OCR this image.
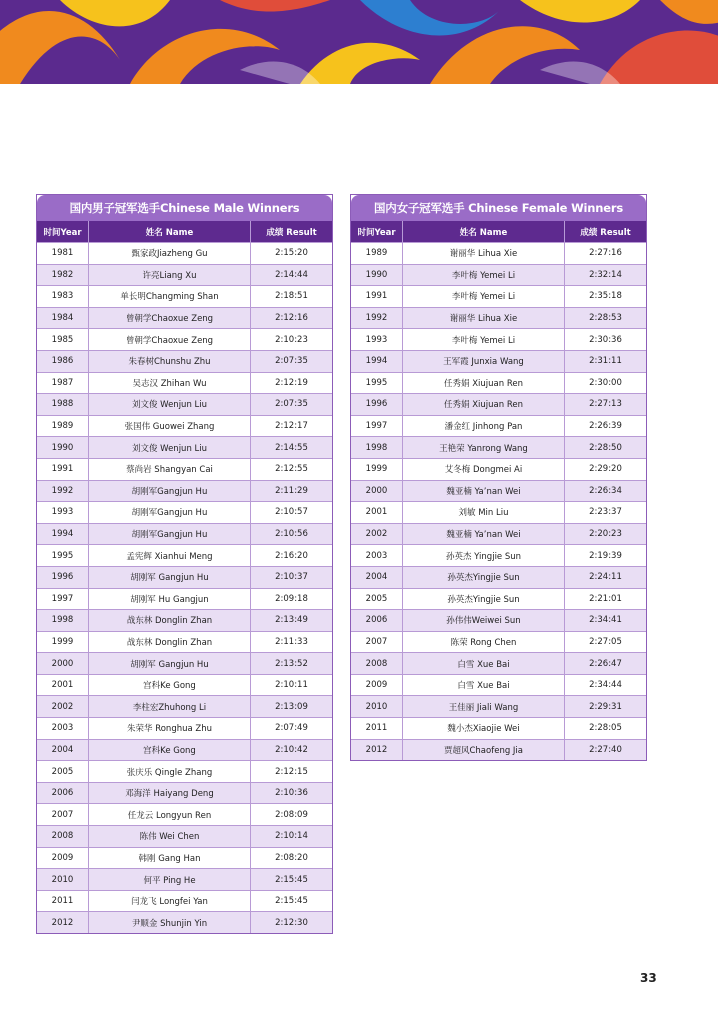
国内男子冠军选手Chinese Male Winners
时间Year	姓名 Name	成绩 Result
1981	甄家政Jiazheng Gu	2:15:20
1982	许亮Liang Xu	2:14:44
1983	单长明Changming Shan	2:18:51
1984	曾朝学Chaoxue Zeng	2:12:16
1985	曾朝学Chaoxue Zeng	2:10:23
1986	朱春树Chunshu Zhu	2:07:35
1987	吴志汉 Zhihan Wu	2:12:19
1988	刘文俊 Wenjun Liu	2:07:35
1989	张国伟 Guowei Zhang	2:12:17
1990	刘文俊 Wenjun Liu	2:14:55
1991	蔡尚岩 Shangyan Cai	2:12:55
1992	胡刚军Gangjun Hu	2:11:29
1993	胡刚军Gangjun Hu	2:10:57
1994	胡刚军Gangjun Hu	2:10:56
1995	孟宪辉 Xianhui Meng	2:16:20
1996	胡刚军 Gangjun Hu	2:10:37
1997	胡刚军 Hu Gangjun	2:09:18
1998	战东林 Donglin Zhan	2:13:49
1999	战东林 Donglin Zhan	2:11:33
2000	胡刚军 Gangjun Hu	2:13:52
2001	宫科Ke Gong	2:10:11
2002	李柱宏Zhuhong Li	2:13:09
2003	朱荣华 Ronghua Zhu	2:07:49
2004	宫科Ke Gong	2:10:42
2005	张庆乐 Qinglе Zhang	2:12:15
2006	邓海洋 Haiyang Deng	2:10:36
2007	任龙云 Longyun Ren	2:08:09
2008	陈伟 Wei Chen	2:10:14
2009	韩刚 Gang Han	2:08:20
2010	何平 Ping He	2:15:45
2011	闫龙飞 Longfei Yan	2:15:45
2012	尹顺金 Shunjin Yin	2:12:30
国内女子冠军选手 Chinese Female Winners
时间Year	姓名 Name	成绩 Result
1989	谢丽华 Lihua Xie	2:27:16
1990	李叶梅 Yemei Li	2:32:14
1991	李叶梅 Yemei Li	2:35:18
1992	谢丽华 Lihua Xie	2:28:53
1993	李叶梅 Yemei Li	2:30:36
1994	王军霞 Junxia Wang	2:31:11
1995	任秀娟 Xiujuan Ren	2:30:00
1996	任秀娟 Xiujuan Ren	2:27:13
1997	潘金红 Jinhong Pan	2:26:39
1998	王艳荣 Yanrong Wang	2:28:50
1999	艾冬梅 Dongmei Ai	2:29:20
2000	魏亚楠 Ya’nan Wei	2:26:34
2001	刘敏 Min Liu	2:23:37
2002	魏亚楠 Ya’nan Wei	2:20:23
2003	孙英杰 Yingjie Sun	2:19:39
2004	孙英杰Yingjie Sun	2:24:11
2005	孙英杰Yingjie Sun	2:21:01
2006	孙伟伟Weiwei Sun	2:34:41
2007	陈荣 Rong Chen	2:27:05
2008	白雪 Xue Bai	2:26:47
2009	白雪 Xue Bai	2:34:44
2010	王佳丽 Jiali Wang	2:29:31
2011	魏小杰Xiaojie Wei	2:28:05
2012	贾超风Chaofeng Jia	2:27:40
33
